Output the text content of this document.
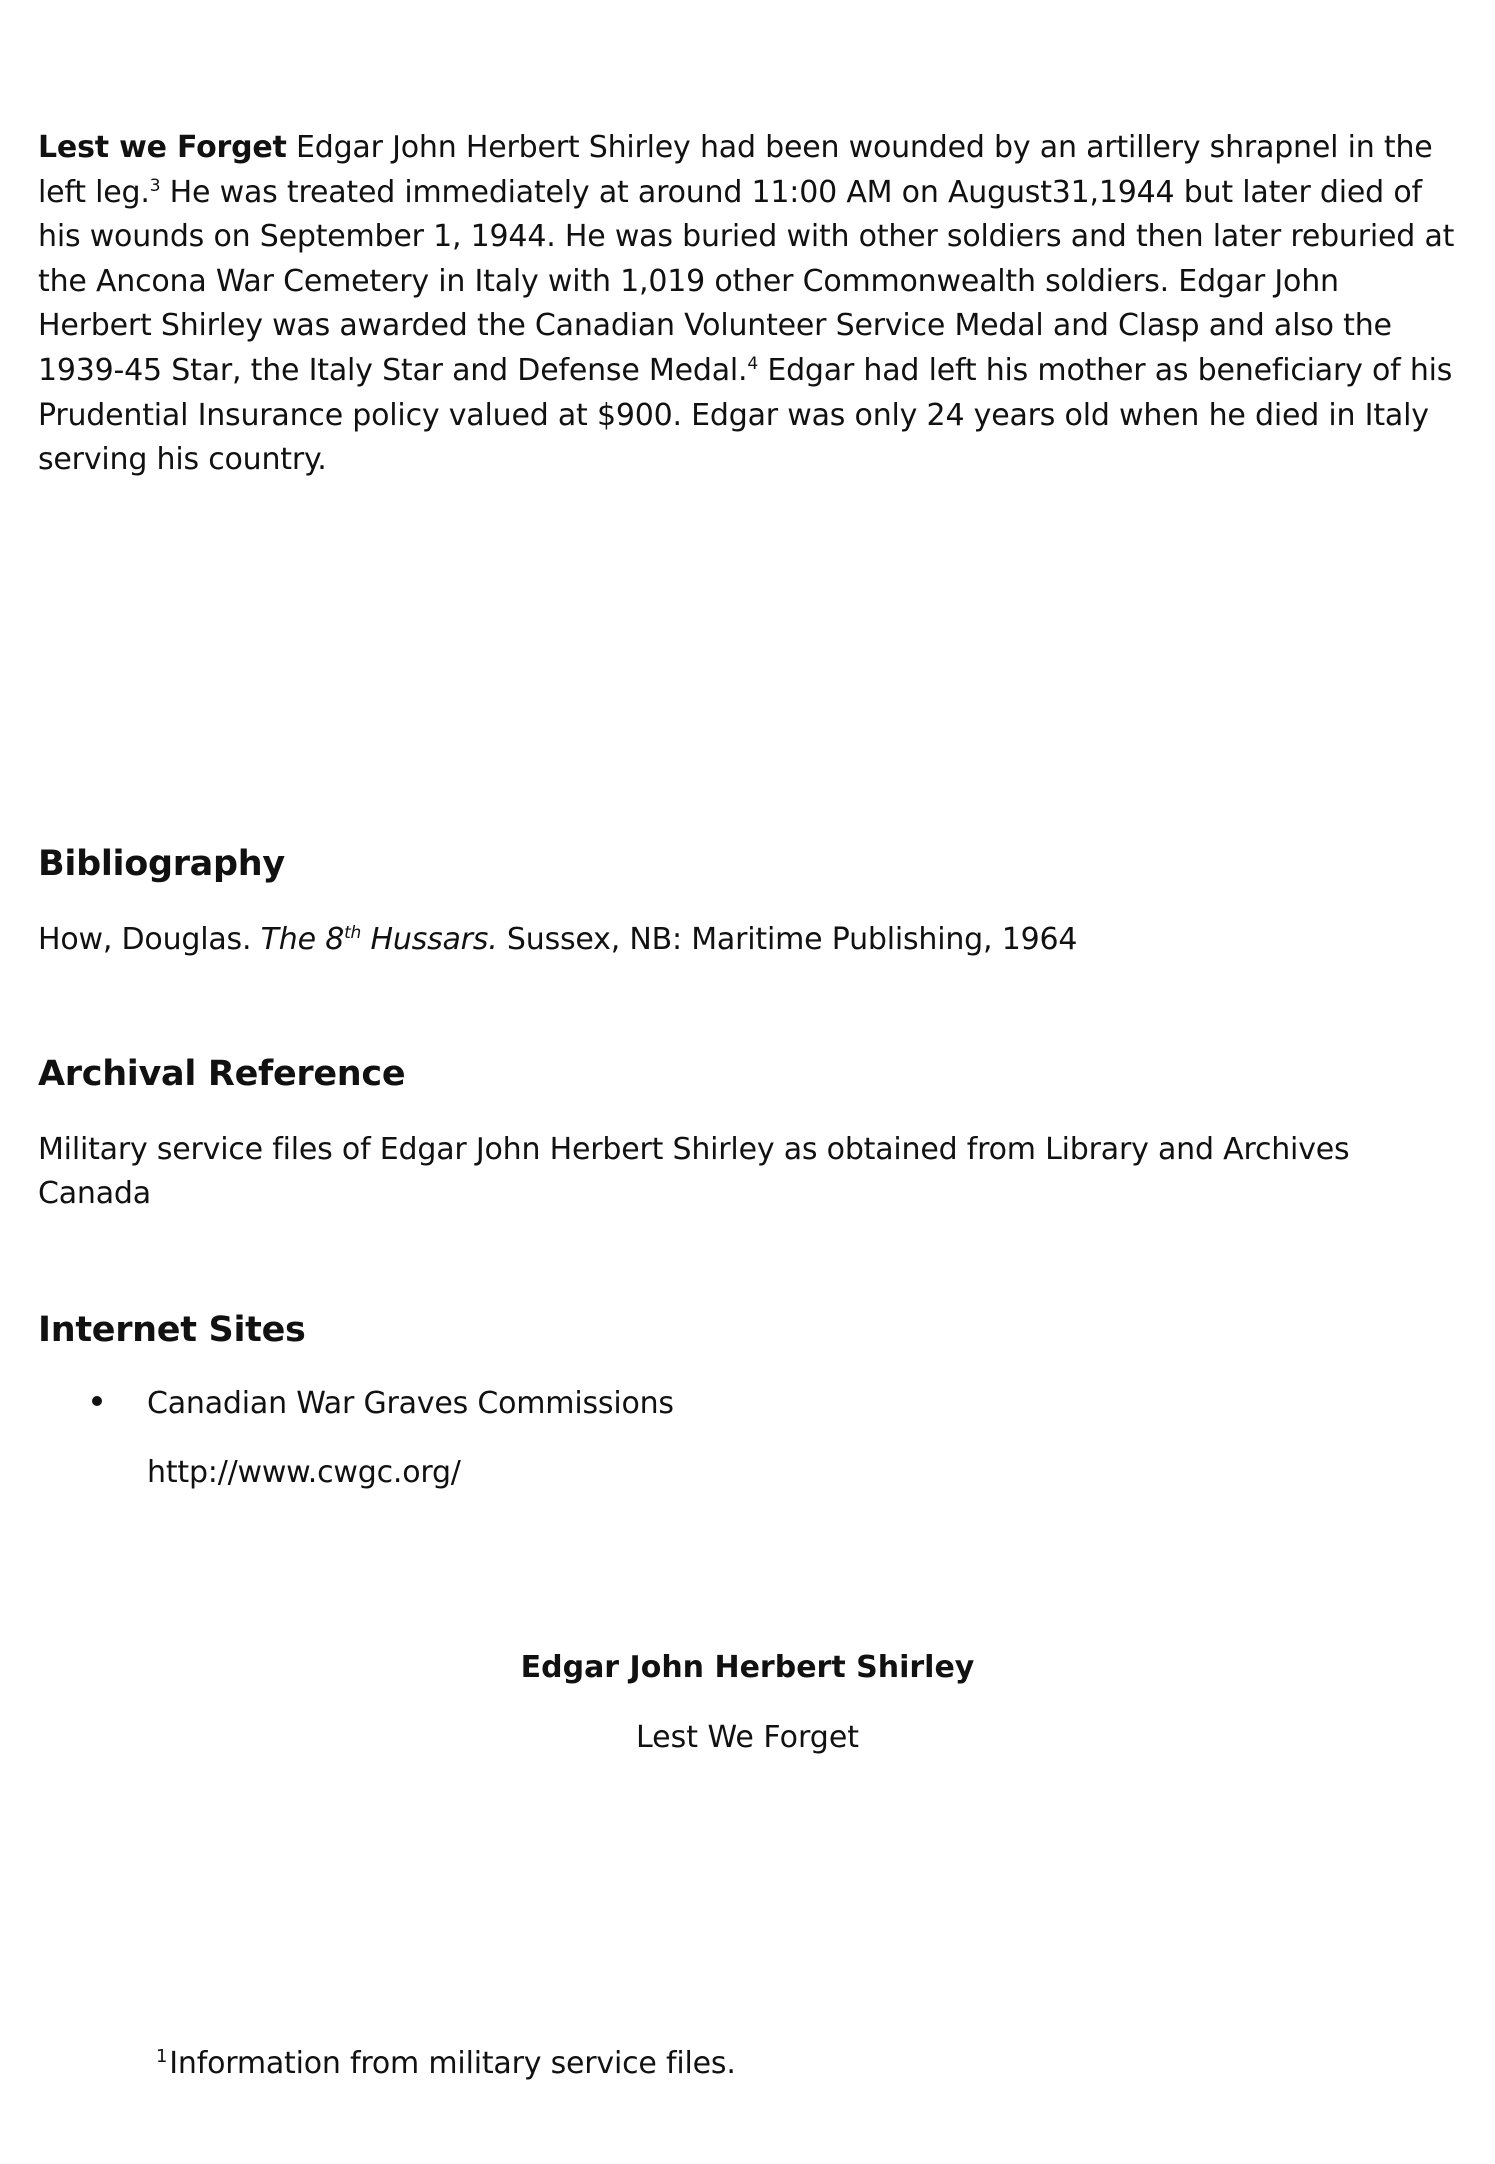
Lest we Forget Edgar John Herbert Shirley had been wounded by an artillery shrapnel in the left leg.$^3$ He was treated immediately at around 11:00 AM on August31,1944 but later died of his wounds on September 1, 1944. He was buried with other soldiers and then later reburied at the Ancona War Cemetery in Italy with 1,019 other Commonwealth soldiers. Edgar John Herbert Shirley was awarded the Canadian Volunteer Service Medal and Clasp and also the 1939-45 Star, the Italy Star and Defense Medal.$^4$ Edgar had left his mother as beneficiary of his Prudential Insurance policy valued at $900. Edgar was only 24 years old when he died in Italy serving his country.

Bibliography

How, Douglas. The 8th Hussars. Sussex, NB: Maritime Publishing, 1964

Archival Reference

Military service files of Edgar John Herbert Shirley as obtained from Library and Archives Canada

Internet Sites

Canadian War Graves Commissions

http://www.cwgc.org/

Edgar John Herbert Shirley

Lest We Forget

$^1$Information from military service files.
